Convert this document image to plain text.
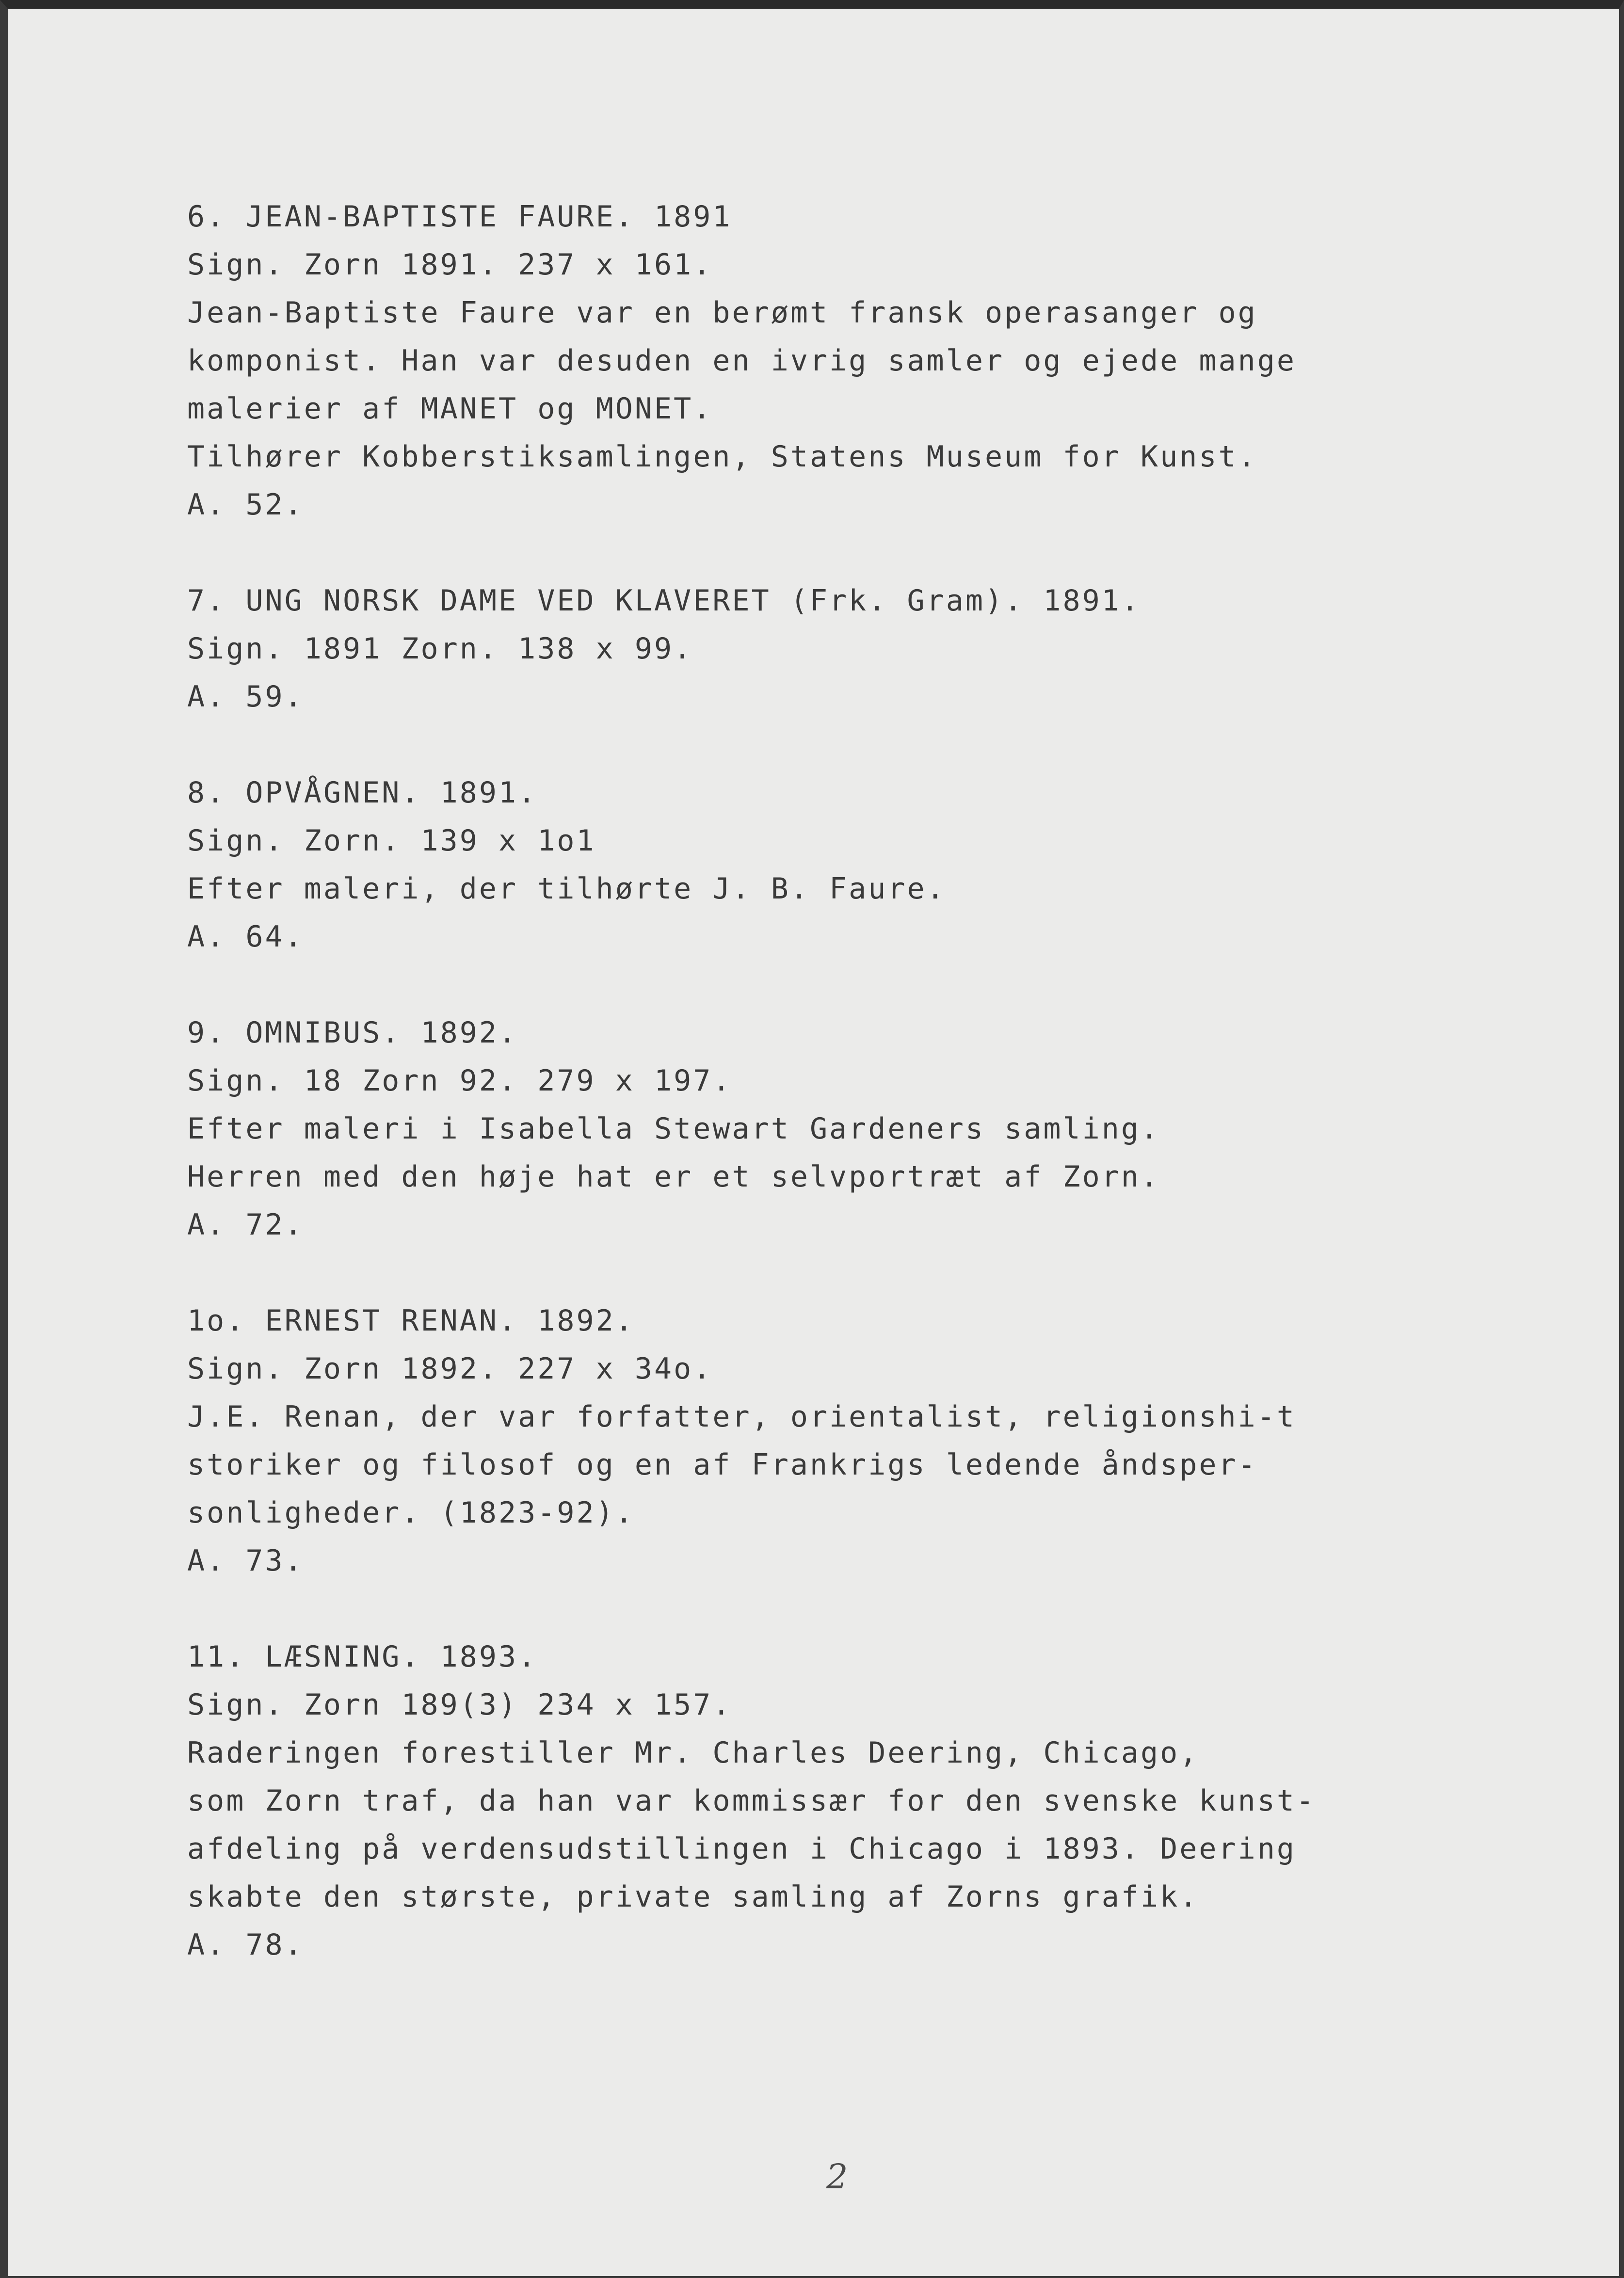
6. JEAN-BAPTISTE FAURE. 1891
Sign. Zorn 1891. 237 x 161.
Jean-Baptiste Faure var en berømt fransk operasanger og
komponist. Han var desuden en ivrig samler og ejede mange
malerier af MANET og MONET.
Tilhører Kobberstiksamlingen, Statens Museum for Kunst.
A. 52.
7. UNG NORSK DAME VED KLAVERET (Frk. Gram). 1891.
Sign. 1891 Zorn. 138 x 99.
A. 59.
8. OPVÅGNEN. 1891.
Sign. Zorn. 139 x 1o1
Efter maleri, der tilhørte J. B. Faure.
A. 64.
9. OMNIBUS. 1892.
Sign. 18 Zorn 92. 279 x 197.
Efter maleri i Isabella Stewart Gardeners samling.
Herren med den høje hat er et selvportræt af Zorn.
A. 72.
1o. ERNEST RENAN. 1892.
Sign. Zorn 1892. 227 x 34o.
J.E. Renan, der var forfatter, orientalist, religionshi-t
storiker og filosof og en af Frankrigs ledende åndsper-
sonligheder. (1823-92).
A. 73.
11. LÆSNING. 1893.
Sign. Zorn 189(3) 234 x 157.
Raderingen forestiller Mr. Charles Deering, Chicago,
som Zorn traf, da han var kommissær for den svenske kunst-
afdeling på verdensudstillingen i Chicago i 1893. Deering
skabte den største, private samling af Zorns grafik.
A. 78.
2
